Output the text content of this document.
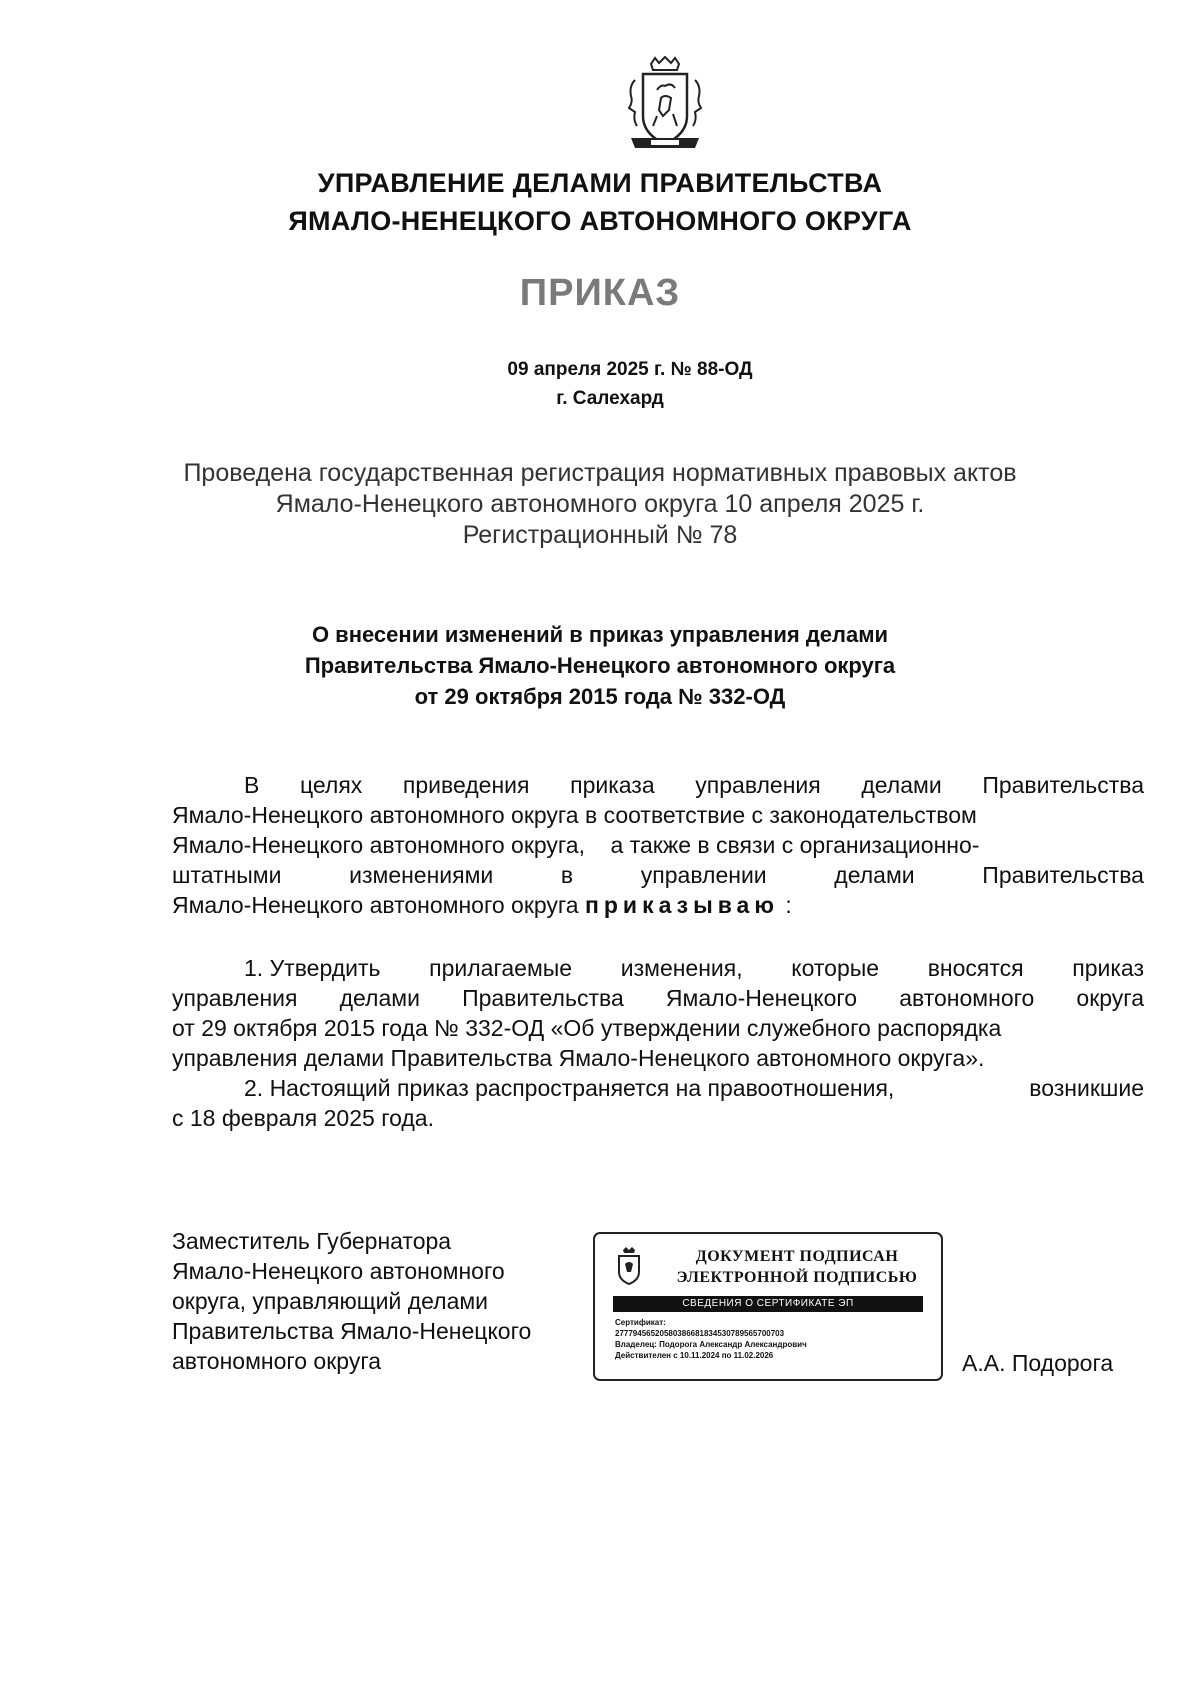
УПРАВЛЕНИЕ ДЕЛАМИ ПРАВИТЕЛЬСТВА
ЯМАЛО-НЕНЕЦКОГО АВТОНОМНОГО ОКРУГА
ПРИКАЗ
09 апреля 2025 г. № 88-ОД
г. Салехард
Проведена государственная регистрация нормативных правовых актов
Ямало-Ненецкого автономного округа 10 апреля 2025 г.
Регистрационный № 78
О внесении изменений в приказ управления делами
Правительства Ямало-Ненецкого автономного округа
от 29 октября 2015 года № 332-ОД
В целях приведения приказа управления делами Правительства
Ямало-Ненецкого автономного округа в соответствие с законодательством
Ямало-Ненецкого автономного округа,    а также в связи с организационно-
штатными	изменениями	в	управлении	делами	Правительства
Ямало-Ненецкого автономного округа приказываю :
1. Утвердить прилагаемые изменения, которые вносятся приказ
управления делами Правительства Ямало-Ненецкого автономного округа
от 29 октября 2015 года № 332-ОД «Об утверждении служебного распорядка
управления делами Правительства Ямало-Ненецкого автономного округа».
2. Настоящий приказ распространяется на правоотношения,	возникшие
с 18 февраля 2025 года.
Заместитель Губернатора
Ямало-Ненецкого автономного
округа, управляющий делами
Правительства Ямало-Ненецкого
автономного округа
ДОКУМЕНТ ПОДПИСАН
ЭЛЕКТРОННОЙ ПОДПИСЬЮ
СВЕДЕНИЯ О СЕРТИФИКАТЕ ЭП
Сертификат:
27779456520580386681834530789565700703
Владелец: Подорога Александр Александрович
Действителен с 10.11.2024 по 11.02.2026	А.А. Подорога
